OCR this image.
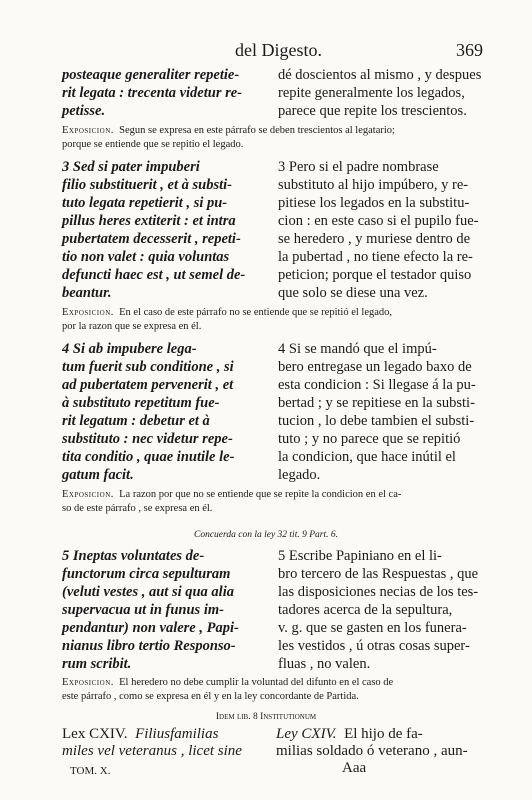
del Digesto.	369
posteaque generaliter repetie-
rit legata : trecenta videtur re-
petisse.
dé doscientos al mismo , y despues
repite generalmente los legados,
parece que repite los trescientos.
Exposicion. Segun se expresa en este párrafo se deben trescientos al legatario;
porque se entiende que se repitio el legado.
3 Sed si pater impuberi
filio substituerit , et à substi-
tuto legata repetierit , si pu-
pillus heres extiterit : et intra
pubertatem decesserit , repeti-
tio non valet : quia voluntas
defuncti haec est , ut semel de-
beantur.
3 Pero si el padre nombrase
substituto al hijo impúbero, y re-
pitiese los legados en la substitu-
cion : en este caso si el pupilo fue-
se heredero , y muriese dentro de
la pubertad , no tiene efecto la re-
peticion; porque el testador quiso
que solo se diese una vez.
Exposicion. En el caso de este párrafo no se entiende que se repitió el legado,
por la razon que se expresa en él.
4 Si ab impubere lega-
tum fuerit sub conditione , si
ad pubertatem pervenerit , et
à substituto repetitum fue-
rit legatum : debetur et à
substituto : nec videtur repe-
tita conditio , quae inutile le-
gatum facit.
4 Si se mandó que el impú-
bero entregase un legado baxo de
esta condicion : Si llegase á la pu-
bertad ; y se repitiese en la substi-
tucion , lo debe tambien el substi-
tuto ; y no parece que se repitió
la condicion, que hace inútil el
legado.
Exposicion. La razon por que no se entiende que se repite la condicion en el ca-
so de este párrafo , se expresa en él.
Concuerda con la ley 32 tit. 9 Part. 6.
5 Ineptas voluntates de-
functorum circa sepulturam
(veluti vestes , aut si qua alia
supervacua ut in funus im-
pendantur) non valere , Papi-
nianus libro tertio Responso-
rum scribit.
5 Escribe Papiniano en el li-
bro tercero de las Respuestas , que
las disposiciones necias de los tes-
tadores acerca de la sepultura,
v. g. que se gasten en los funera-
les vestidos , ú otras cosas super-
fluas , no valen.
Exposicion. El heredero no debe cumplir la voluntad del difunto en el caso de
este párrafo , como se expresa en él y en la ley concordante de Partida.
Idem lib. 8 Institutionum
Lex CXIV. Filiusfamilias
miles vel veteranus , licet sine
Ley CXIV. El hijo de fa-
milias soldado ó veterano , aun-
TOM. X.	Aaa
